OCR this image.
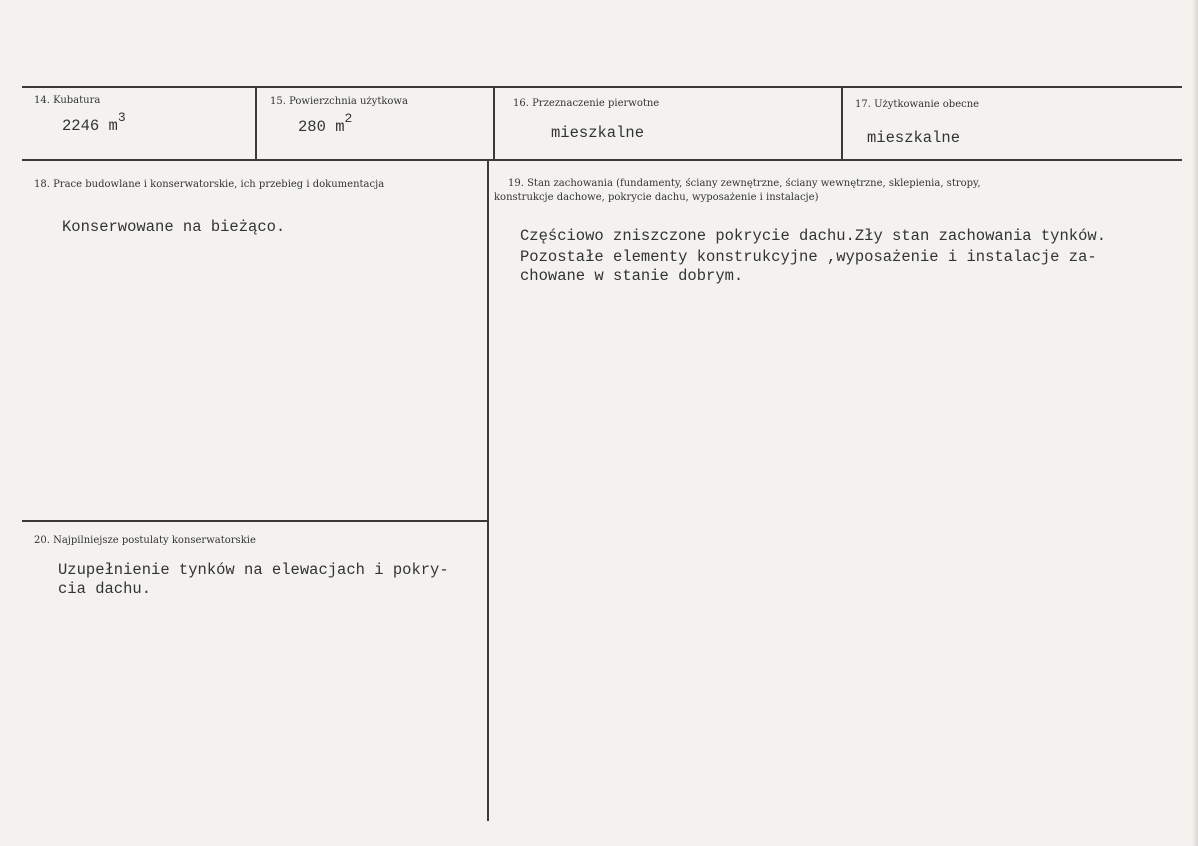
14. Kubatura
2246 $m^3$
15. Powierzchnia użytkowa
280 $m^2$
16. Przeznaczenie pierwotne
mieszkalne
17. Użytkowanie obecne
mieszkalne
18. Prace budowlane i konserwatorskie, ich przebieg i dokumentacja
Konserwowane na bieżąco.
19. Stan zachowania (fundamenty, ściany zewnętrzne, ściany wewnętrzne, sklepienia, stropy,
konstrukcje dachowe, pokrycie dachu, wyposażenie i instalacje)
Częściowo zniszczone pokrycie dachu.Zły stan zachowania tynków.
Pozostałe elementy konstrukcyjne ,wyposażenie i instalacje za-
chowane w stanie dobrym.
20. Najpilniejsze postulaty konserwatorskie
Uzupełnienie tynków na elewacjach i pokry-
cia dachu.
